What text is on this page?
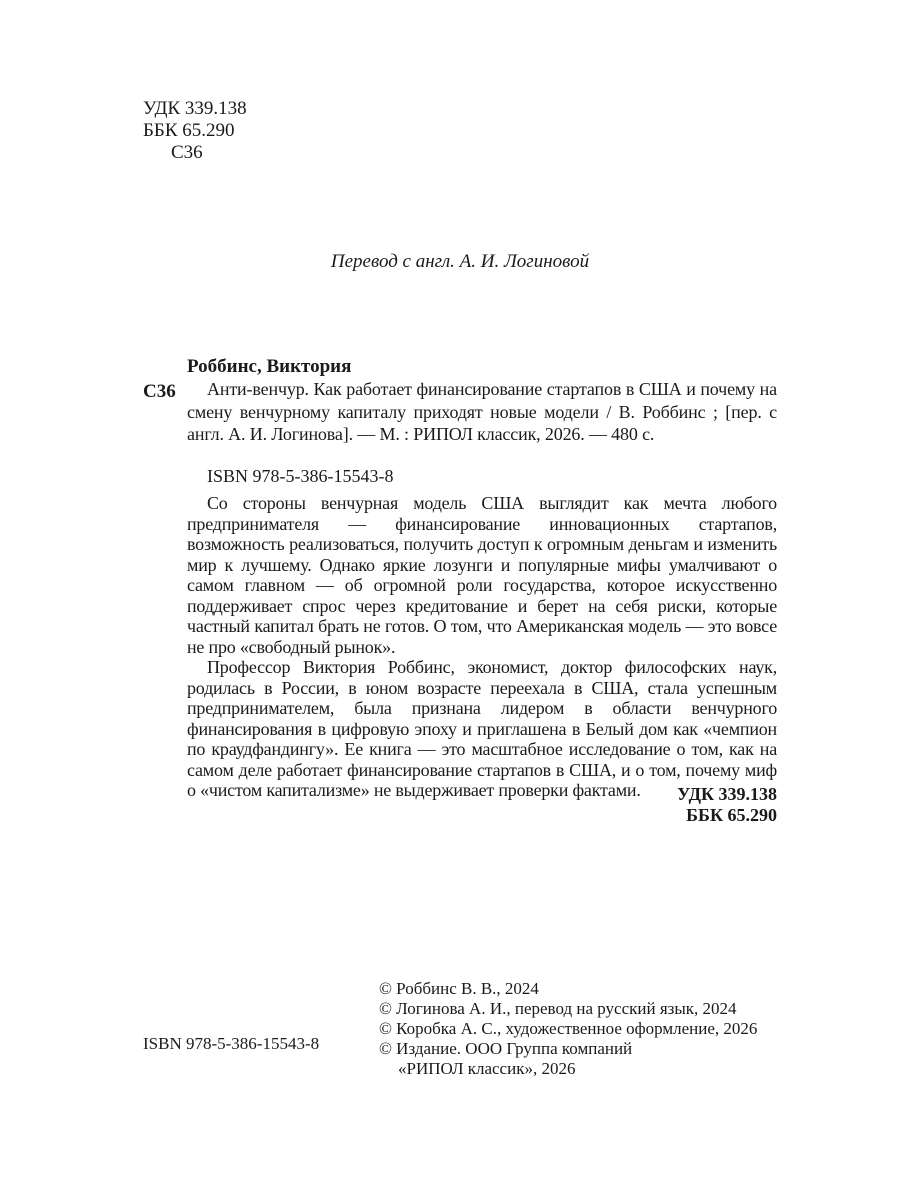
УДК 339.138
ББК 65.290
С36
Перевод с англ. А. И. Логиновой
Роббинс, Виктория
С36	Анти-венчур. Как работает финансирование стартапов в США и почему на смену венчурному капиталу приходят новые модели / В. Роббинс ; [пер. с англ. А. И. Логинова]. — М. : РИПОЛ классик, 2026. — 480 с.
ISBN 978-5-386-15543-8

Со стороны венчурная модель США выглядит как мечта любого предпринимателя — финансирование инновационных стартапов, возможность реализоваться, получить доступ к огромным деньгам и изменить мир к лучшему. Однако яркие лозунги и популярные мифы умалчивают о самом главном — об огромной роли государства, которое искусственно поддерживает спрос через кредитование и берет на себя риски, которые частный капитал брать не готов. О том, что Американская модель — это вовсе не про «свободный рынок».

Профессор Виктория Роббинс, экономист, доктор философских наук, родилась в России, в юном возрасте переехала в США, стала успешным предпринимателем, была признана лидером в области венчурного финансирования в цифровую эпоху и приглашена в Белый дом как «чемпион по краудфандингу». Ее книга — это масштабное исследование о том, как на самом деле работает финансирование стартапов в США, и о том, почему миф о «чистом капитализме» не выдерживает проверки фактами.	УДК 339.138
ББК 65.290
ISBN 978-5-386-15543-8
© Роббинс В. В., 2024
© Логинова А. И., перевод на русский язык, 2024
© Коробка А. С., художественное оформление, 2026
© Издание. ООО Группа компаний
«РИПОЛ классик», 2026
